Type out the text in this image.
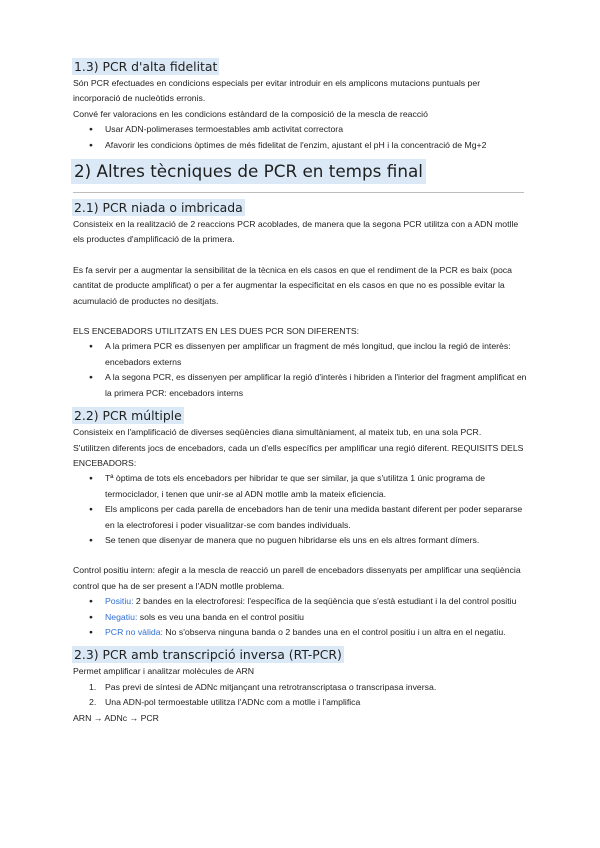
1.3) PCR d'alta fidelitat

Són PCR efectuades en condicions especials per evitar introduir en els amplicons mutacions puntuals per incorporació de nucleòtids erronis.

Convé fer valoracions en les condicions estàndard de la composició de la mescla de reacció

● Usar ADN-polimerases termoestables amb activitat correctora
● Afavorir les condicions òptimes de més fidelitat de l'enzim, ajustant el pH i la concentració de Mg+2
2) Altres tècniques de PCR en temps final
2.1) PCR niada o imbricada

Consisteix en la realització de 2 reaccions PCR acoblades, de manera que la segona PCR utilitza con a ADN motlle els productes d'amplificació de la primera.

Es fa servir per a augmentar la sensibilitat de la tècnica en els casos en que el rendiment de la PCR es baix (poca cantitat de producte amplificat) o per a fer augmentar la especificitat en els casos en que no es possible evitar la acumulació de productes no desitjats.

ELS ENCEBADORS UTILITZATS EN LES DUES PCR SON DIFERENTS:

● A la primera PCR es dissenyen per amplificar un fragment de més longitud, que inclou la regió de interès: encebadors externs
● A la segona PCR, es dissenyen per amplificar la regió d'interès i hibriden a l'interior del fragment amplificat en la primera PCR: encebadors interns
2.2) PCR múltiple

Consisteix en l'amplificació de diverses seqüències diana simultàniament, al mateix tub, en una sola PCR.

S'utilitzen diferents jocs de encebadors, cada un d'ells específics per amplificar una regió diferent. REQUISITS DELS ENCEBADORS:

● Tª òptima de tots els encebadors per hibridar te que ser similar, ja que s'utilitza 1 únic programa de termociclador, i tenen que unir-se al ADN motlle amb la mateix eficiencia.
● Els amplicons per cada parella de encebadors han de tenir una medida bastant diferent per poder separarse en la electroforesi i poder visualitzar-se com bandes individuals.
● Se tenen que disenyar de manera que no puguen hibridarse els uns en els altres formant dímers.

Control positiu intern: afegir a la mescla de reacció un parell de encebadors dissenyats per amplificar una seqüència control que ha de ser present a l'ADN motlle problema.

● Positiu: 2 bandes en la electroforesi: l'específica de la seqüència que s'està estudiant i la del control positiu
● Negatiu: sols es veu una banda en el control positiu
● PCR no vàlida: No s'observa ninguna banda o 2 bandes una en el control positiu i un altra en el negatiu.
2.3) PCR amb transcripció inversa (RT-PCR)

Permet amplificar i analitzar molècules de ARN

1. Pas previ de síntesi de ADNc mitjançant una retrotranscriptasa o transcripasa inversa.
2. Una ADN-pol termoestable utilitza l'ADNc com a motlle i l'amplifica

ARN → ADNc → PCR
